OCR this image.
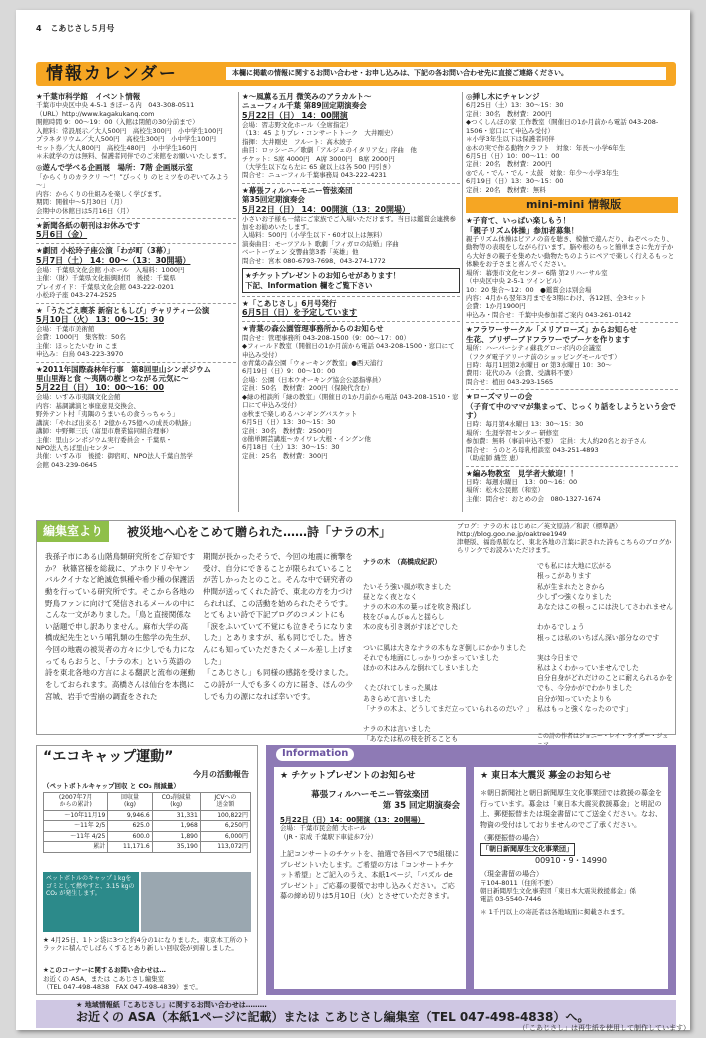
4 こあじさし５月号
情報カレンダー	本欄に掲載の情報に関するお問い合わせ・お申し込みは、下記の各お問い合わせ先に直接ご連絡ください。
★千葉市科学館　イベント情報
千葉市中央区中央 4-5-1 きぼーる内　043-308-0511
（URL）http://www.kagakukanq.com
開館時間 9：00～19：00（入館は閉館の30分前まで）
入館料：常設展示／大人500円　高校生300円　小中学生100円
プラネタリウム／大人500円　高校生300円　小中学生100円
セット券／大人800円　高校生480円　小中学生160円
＊未就学の方は無料、保護者同伴でのご来館をお願いいたします。
◎遊んで学べる企画展　場所：7階 企画展示室
「からくりのカラクリ ～“！”びっくり のヒミツをのぞいてみよう～」
内容：からくりの仕組みを楽しく学びます。
期間：開催中～5月30日（月）
会期中の休館日は5月16日（月）
★新聞各紙の朝刊はお休みです
5月6日（金）
★劇団 小松玲子座公演「わが町（3幕）」
5月7日（土） 14：00～（13：30開場）
会場：千葉県文化会館 小ホール　入場料：1000円
主催：（財）千葉県文化振興財団　後援：千葉県
プレイガイド：千葉県文化会館 043-222-0201
小松玲子座 043-274-2525
★「うたごえ喫茶 新宿ともしび」チャリティー公演
5月10日（火） 13：00～15：30
会場：千葉市美術館
会費：1000円　集客数：50名
主催：ほっとたいむ in こま
申込み：白鳥 043-223-3970
★2011年国際森林年行事　第8回里山シンポジウム
里山里海と食 ～夷隅の樹とつながる元気に～
5月22日（日） 10：00～16：00
会場：いすみ市夷隅文化会館
内容：基調講演と事座意見交換会、
野外テント村「夷隅のうまいもの食うっちゃう」
講演：「やれば出来る！2億から75億への成長の軌跡」
講師：中野輝三氏（富里市農業協同組合理事）
主催：里山シンポジウム実行委員会・千葉県・
NPO法人ちば里山センター
共催：いすみ市　後援：御宿町、NPO法人千葉自然学
会館 043-239-0645
★～風薫る五月 微笑みのアラカルト～
ニューフィル千葉 第89回定期演奏会
5月22日（日） 14：00開演
会場：習志野文化ホール（全席指定）
（13：45 よりプレ・コンサートトーク　大井剛史）
指揮：大井剛史　フルート：高木綾子
曲目：ロッシーニ／歌劇「アルジェのイタリア女」序曲　他
チケット：S席 4000円　A席 3000円　B席 2000円
（大学生以下なら左に 65 歳以上は各 500 円引き）
問合せ：ニューフィル千葉事務局 043-222-4231
★幕張フィルハーモニー管弦楽団
第35回定期演奏会
5月22日（日） 14：00開演（13：20開場）
小さいお子様も一緒にご家族でご入場いただけます。当日は鑑賞会連携参加をお勧めいたします。
入場料：500円（小学生以下・60才以上は無料）
演奏曲目：モーツアルト 歌劇「フィガロの結婚」序曲
ベートーヴェン 交響曲第3番「英雄」他
問合せ：宮本 080-6793-7698、043-274-1772
★チケットプレゼントのお知らせがあります！
下記、Information 欄をご覧下さい
★「こあじさし」6月号発行
6月5日（日）を予定しています
★青葉の森公園管理事務所からのお知らせ
問合せ：管理事務所 043-208-1500（9：00～17：00）
◆フィールド教室（開催日の1か月前から電話 043-208-1500・窓口にて申込み受付）
◎青葉の森公園「ウォーキング教室」●西天浦行
6月19日（日）9：00～10：00
会場：公園（日本ウオーキング協会公認指導員）
定員：50名　教材費：200円（保険代含む）
◆緑の相談所「緑の教室」（開催日の1か月前から電話 043-208-1510・窓口にて申込み受付）
◎秋まで楽しめるハンギングバスケット
6月5日（日）13：30～15：30
定員：30名　教材費：2500円
◎簡単園芸講座～カイワレ大根・イングン他
6月18日（土）13：30～15：30
定員：25名　教材費：300円
◎挿し木にチャレンジ
6月25日（土）13：30～15：30
定員：30名　教材費：200円
◆つくしんぼの家 工作教室（開催日の1か月前から電話 043-208-1506・窓口にて申込み受付）
＊小学3年生以下は保護者同伴
◎木の実で作る動物クラフト　対象：年長～小学6年生
6月5日（日）10：00～11：00
定員：20名　教材費：200円
◎でん・でん・でん・太鼓　対象：年少～小学3年生
6月19日（日）13：30～15：00
定員：20名　教材費：無料
mini-mini 情報版
★子育て、いっぱい楽しもう！
「親子リズム体操」参加者募集！
親子リズム体操はピアノの音を聴き、模倣で遊んだり、ねぞべったり、動物等の表現をしながら行います。脳や根のもっと簡単まさに先方子から大好きの親子を集めたい動物たちのようにペアで楽しく行えるもっと体験をお子さまと喜んでください。
場所：幕張市文化センター 6階 第2リハーサル室
（中央区中央 2-5-1 ツインビル）
10：20 集合～12：00　●鑑賞会は別会場
内容：4月から翌年3月までを3期にわけ、各12回、全3セット
会費：1か月1900円
申込み・問合せ：千葉中央参加者ご案内 043-261-0142
★フラワーサークル「メリアローズ」からお知らせ
生花、プリザーブドフラワーでブーケを作ります
場所：ハーバーシティ蘇我グローボ内の会議室
（フクダ電子アリーナ前のショッピングモールです）
日時：毎月1回第2水曜日 or 第3水曜日 10：30～
費用：花代のみ（会費、受講料不要）
問合せ：植田 043-293-1565
★ローズマリーの会
（子育て中のママが集まって、じっくり話をしようという会です）
日時：毎月第4水曜日 13：30～15：30
場所：生涯学習センター 研修室
参加費：無料（事前申込不要）　定員：大人約20名とお子さん
問合せ：うのとろ母乳相談室 043-251-4893
（助産師 織笠 恵）
★編み物教室　見学者大歓迎！！
日時：毎週水曜日　13：00～16：00
場所：松木公民館（和室）
主催：問合せ：おとめの会　080-1327-1674
編集室より	被災地へ心をこめて贈られた……詩「ナラの木」	ブログ：ナラの木 はじめに／英文原詩／和訳（標準語）
http://blog.goo.ne.jp/oaktree1949
津軽版、福島県版など、東北各地の言葉に訳された詩もこちらのブログからリンクでお読みいただけます。
我孫子市にある山階鳥類研究所をご存知ですか？ 秋篠宮様を総裁に、アホウドリやヤンバルクイナなど絶滅危惧種や希少種の保護活動を行っている研究所です。そこから各地の野鳥ファンに向けて発信されるメールの中にこんな一文がありました。「鳥と直接関係ない話題で申し訳ありません。麻布大学の高橋成紀先生という哺乳類の生態学の先生が、今回の地震の被災者の方々に少しでも力になってもらおうと、「ナラの木」という英語の詩を東北各地の方言による翻訳と流布の運動をしておられます。高橋さんは仙台を本拠に宮城、岩手で雪崩の調査をされた
期間が長かったそうで、今回の地震に衝撃を受け、自分にできることが限られていることが苦しかったとのこと。そんな中で研究者の仲間が送ってくれた詩で、東北の方を力づけられれば、この活動を始められたそうです。とてもよい詩で下記ブログのコメントにも「涙をふいていて不覚にも泣きそうになりました」とありますが、私も同じでした。皆さんにも知っていただきたくメール差し上げました」
「こあじさし」も同様の感銘を受けました。この詩が一人でも多くの方に届き、ほんの少しでも力の源になれば幸いです。

ナラの木　（高橋成紀訳）

たいそう強い風が吹きました
昼となく夜となく
ナラの木の木の葉っぱを吹き飛ばし
枝をびゅんびゅんと揺らし
木の皮も引き剥がすほどでした

ついに風は大きなナラの木もなぎ倒しにかかりました
それでも地面にしっかりつかまっていました
ほかの木はみんな倒れてしまいました

くたびれてしまった風は
あきらめて言いました
「ナラの木よ、どうしてまだ立っていられるのだい？」

ナラの木は言いました
「あなたは私の枝を折ることも

でも私には大地に広がる
根っこがあります
私が生まれたときから
少しずつ強くなりました
あなたはこの根っこには決してさわれません

わかるでしょう
根っこは私のいちばん深い部分なのです

実は今日まで
私はよくわかっていませんでした
自分自身がどれだけのことに耐えられるかを
でも、今分かがでわかりました
自分が知っていたよりも
私はもっと強くなったのです」

この詩の作者はジョニー・レイ・ライダー・ジュ

“エコキャップ運動”
今月の活動報告
（ペットボトルキャップ回収 と CO₂ 削減量）
(2007年7月
からの累計)	回収量
(kg)	CO₂削減量
(kg)	JCVへの
送金額
～10年11月19	9,946.6	31,331	100,822円
～11年 2/5	625.0	1,968	6,250円
～11年 4/25	600.0	1,890	6,000円
累計	11,171.6	35,190	113,072円
ペットボトルのキャップ１kgをゴミとして燃やすと、3.15 kgの CO₂ が発生します。
★ 4月25日、1トン袋に3つと約4分の1になりました。東京本工所のトラックに積んでしばらくするとあり新しい回収袋が到着しました。
★このコーナーに関するお問い合わせは…
お近くの ASA、または こあじさし編集室
（TEL 047-498-4838　FAX 047-498-4839）まで。
Information
★ チケットプレゼントのお知らせ
幕張フィルハーモニー管弦楽団
第 35 回定期演奏会
5月22日（日）14：00開演（13：20開場）
会場：千葉市民会館 大ホール
（JR・京成 千葉駅下車徒歩7分）
上記コンサートのチケットを、抽選で各回ペアで5組様にプレゼントいたします。ご希望の方は「コンサートチケット希望」とご記入のうえ、本紙1ページ、「パズル de プレゼント」ご応募の要領でお申し込みください。ご応募の締め切りは5月10日（火）とさせていただきます。
★ 東日本大震災 募金のお知らせ
＊朝日新聞社と朝日新聞厚生文化事業団では救援の募金を行っています。募金は「東日本大震災救援募金」と明記の上、郵便振替または現金書留にてご送金ください。なお、物資の受付はしておりませんのでご了承ください。
（郵便振替の場合）
「朝日新聞厚生文化事業団」
00910・9・14990
（現金書留の場合）
〒104-8011（住所不要）
朝日新聞厚生文化事業団「東日本大震災救援募金」係
電話 03-5540-7446
＊ 1千円以上の寄託者は各地域面に掲載されます。
★ 地域情報紙「こあじさし」に関するお問い合わせは………
お近くの ASA（本紙1ページに記載）または こあじさし編集室（TEL 047-498-4838）へ。
（「こあじさし」は再生紙を使用して制作しています）
